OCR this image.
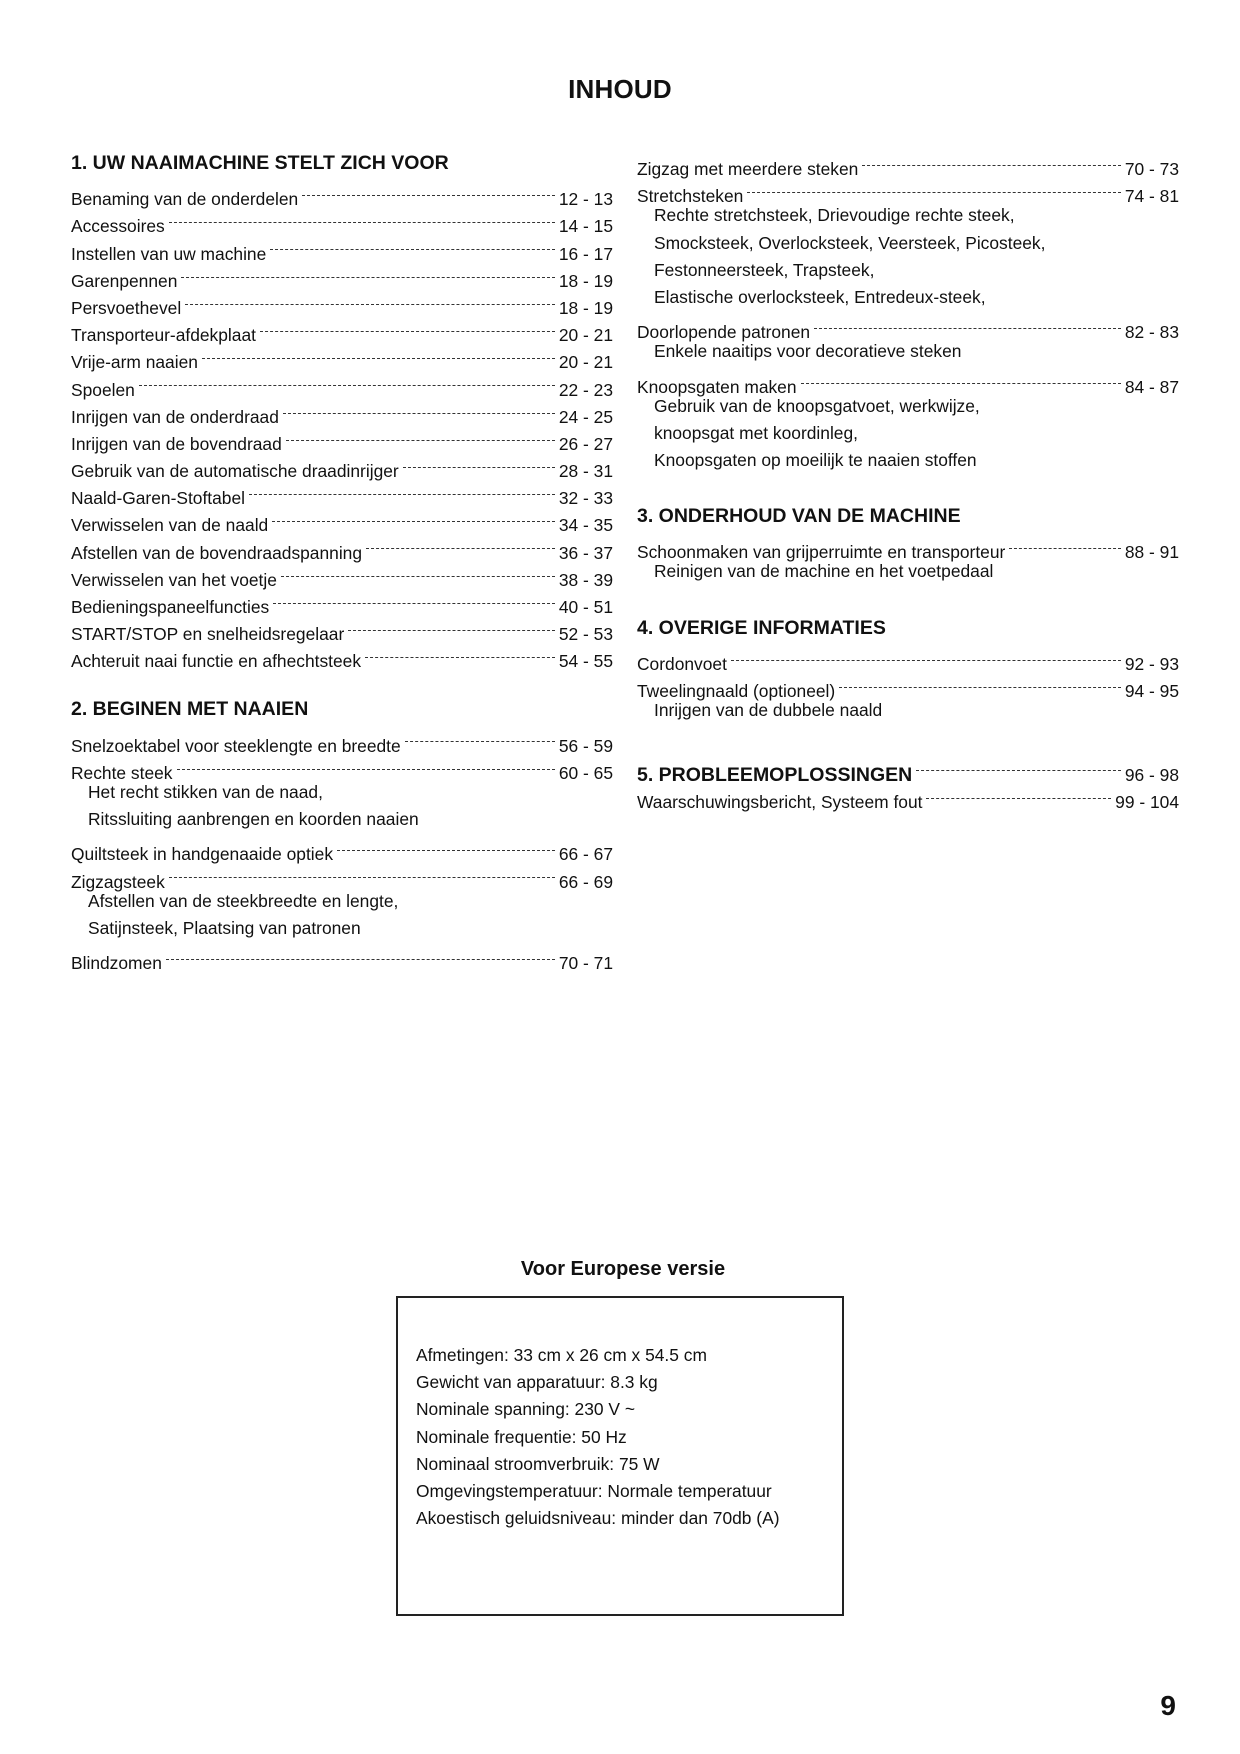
INHOUD
1. UW NAAIMACHINE STELT ZICH VOOR
Benaming van de onderdelen	12 - 13
Accessoires	14 - 15
Instellen van uw machine	16 - 17
Garenpennen	18 - 19
Persvoethevel	18 - 19
Transporteur-afdekplaat	20 - 21
Vrije-arm naaien	20 - 21
Spoelen	22 - 23
Inrijgen van de onderdraad	24 - 25
Inrijgen van de bovendraad	26 - 27
Gebruik van de automatische draadinrijger	28 - 31
Naald-Garen-Stoftabel	32 - 33
Verwisselen van de naald	34 - 35
Afstellen van de bovendraadspanning	36 - 37
Verwisselen van het voetje	38 - 39
Bedieningspaneelfuncties	40 - 51
START/STOP en snelheidsregelaar	52 - 53
Achteruit naai functie en afhechtsteek	54 - 55
2. BEGINEN MET NAAIEN
Snelzoektabel voor steeklengte en breedte	56 - 59
Rechte steek	60 - 65
Het recht stikken van de naad,
Ritssluiting aanbrengen en koorden naaien
Quiltsteek in handgenaaide optiek	66 - 67
Zigzagsteek	66 - 69
Afstellen van de steekbreedte en lengte,
Satijnsteek, Plaatsing van patronen
Blindzomen	70 - 71
Zigzag met meerdere steken	70 - 73
Stretchsteken	74 - 81
Rechte stretchsteek, Drievoudige rechte steek,
Smocksteek, Overlocksteek, Veersteek, Picosteek,
Festonneersteek, Trapsteek,
Elastische overlocksteek, Entredeux-steek,
Doorlopende patronen	82 - 83
Enkele naaitips voor decoratieve steken
Knoopsgaten maken	84 - 87
Gebruik van de knoopsgatvoet, werkwijze,
knoopsgat met koordinleg,
Knoopsgaten op moeilijk te naaien stoffen
3. ONDERHOUD VAN DE MACHINE
Schoonmaken van grijperruimte en transporteur	88 - 91
Reinigen van de machine en het voetpedaal
4. OVERIGE INFORMATIES
Cordonvoet	92 - 93
Tweelingnaald (optioneel)	94 - 95
Inrijgen van de dubbele naald
5. PROBLEEMOPLOSSINGEN	96 - 98
Waarschuwingsbericht, Systeem fout	99 - 104
Voor Europese versie
Afmetingen: 33 cm x 26 cm x 54.5 cm
Gewicht van apparatuur: 8.3 kg
Nominale spanning: 230 V ~
Nominale frequentie: 50 Hz
Nominaal stroomverbruik: 75 W
Omgevingstemperatuur: Normale temperatuur
Akoestisch geluidsniveau: minder dan 70db (A)
9
